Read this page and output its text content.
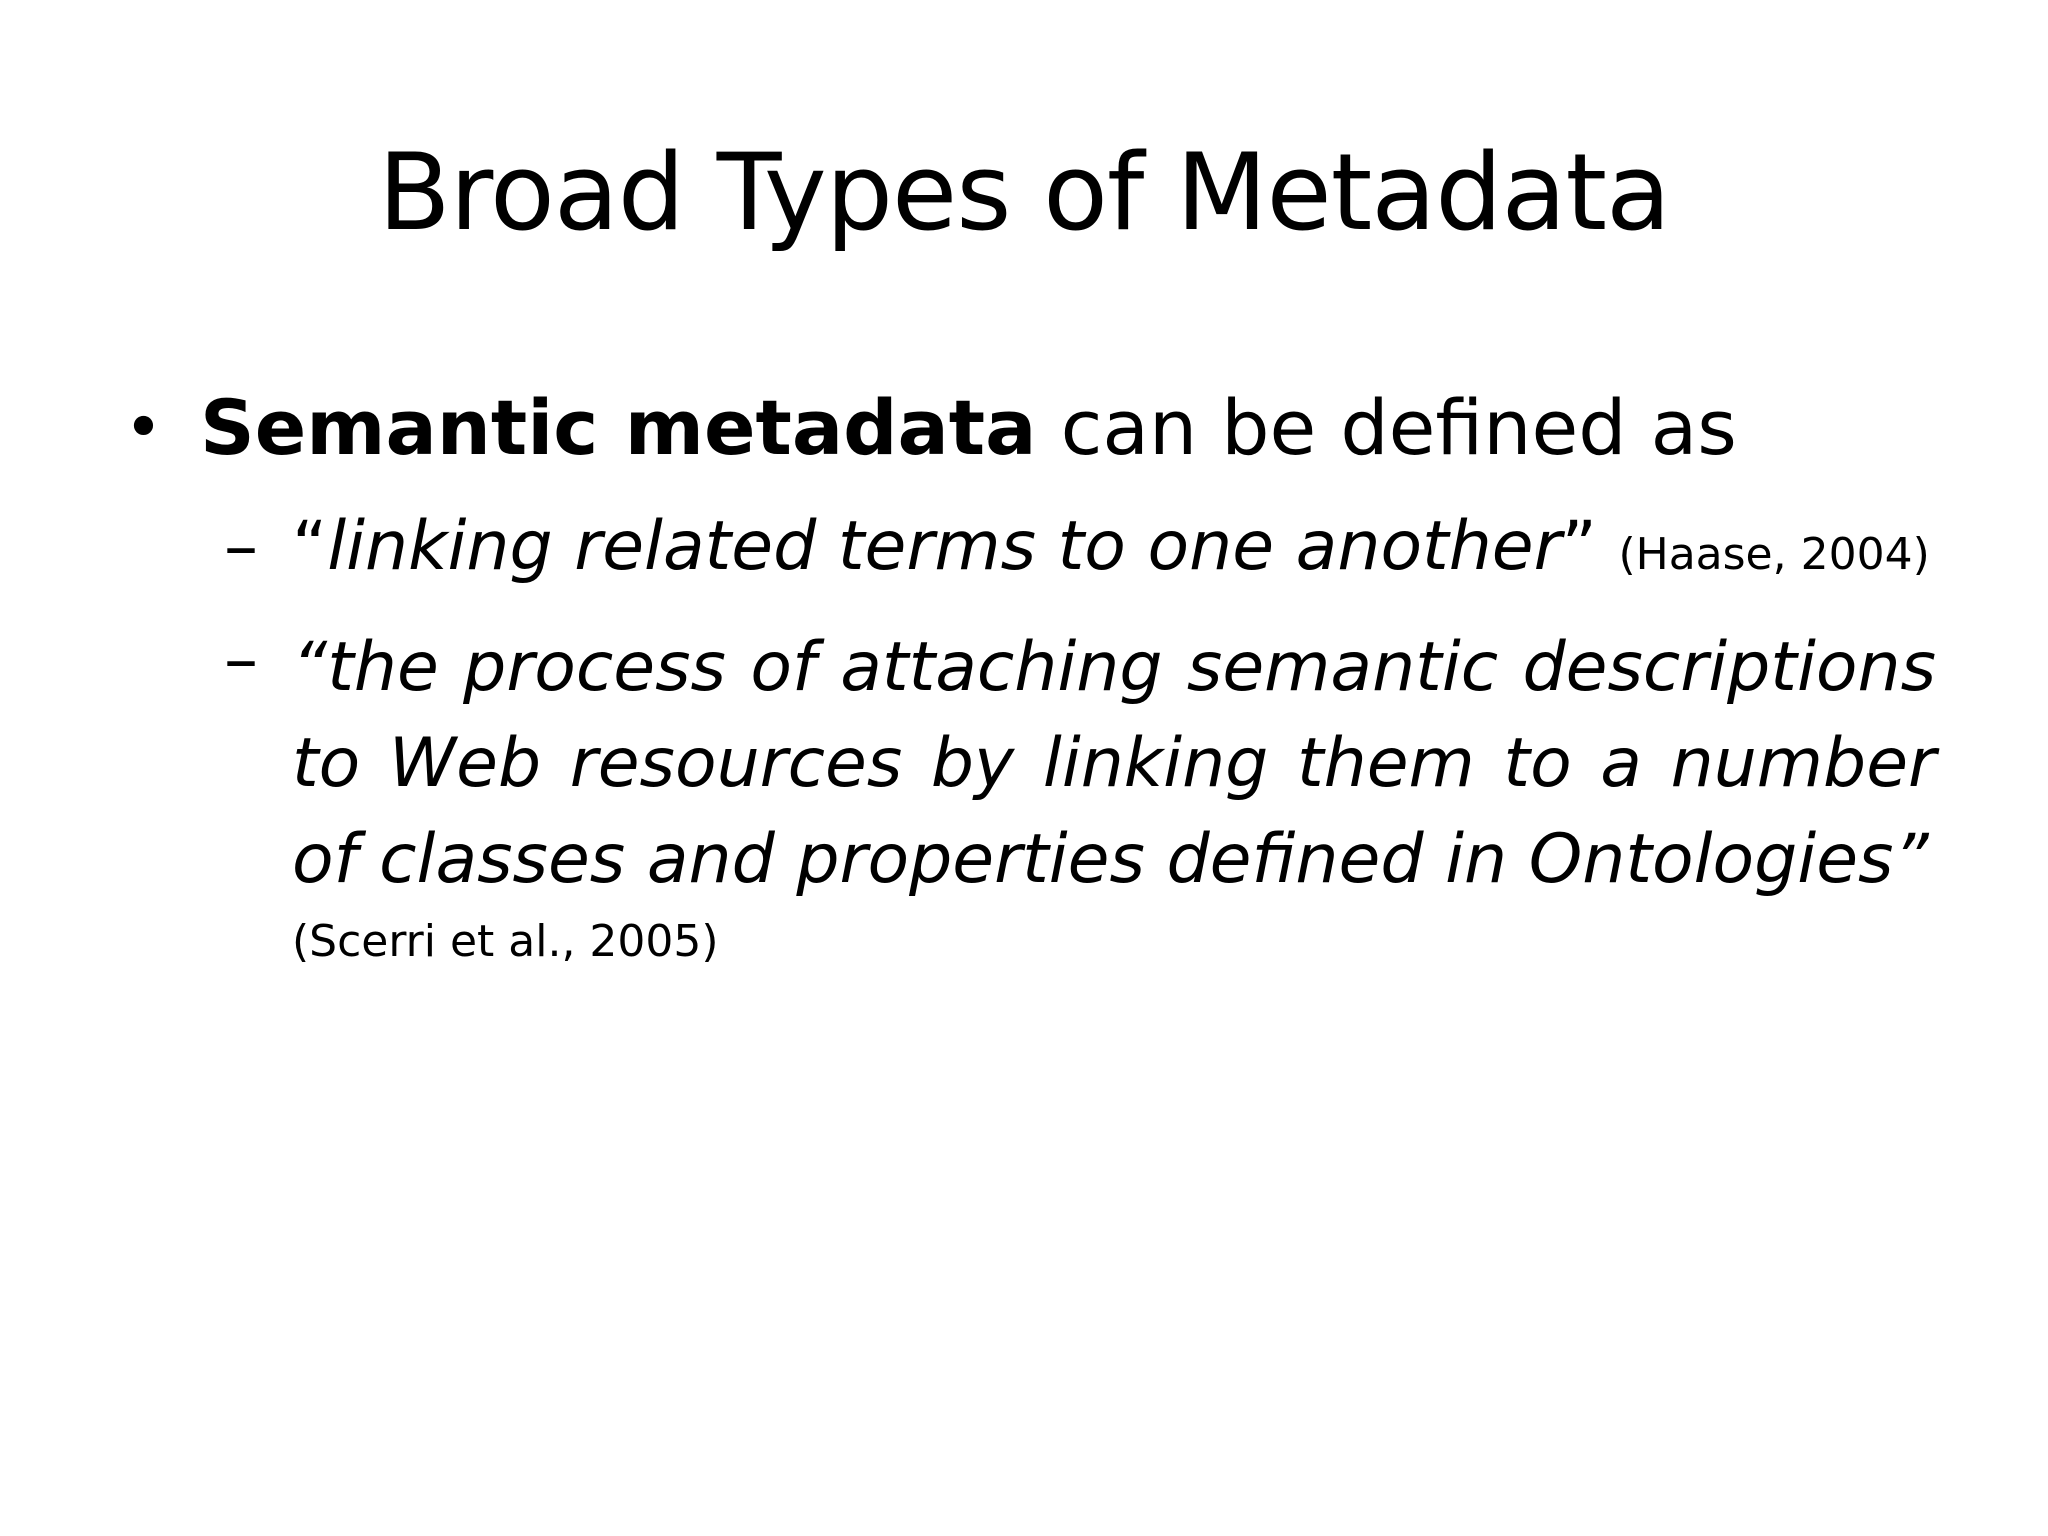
Broad Types of Metadata
• Semantic metadata can be defined as
– “linking related terms to one another” (Haase, 2004)
– “the process of attaching semantic descriptions to Web resources by linking them to a number of classes and properties defined in Ontologies”
(Scerri et al., 2005)
